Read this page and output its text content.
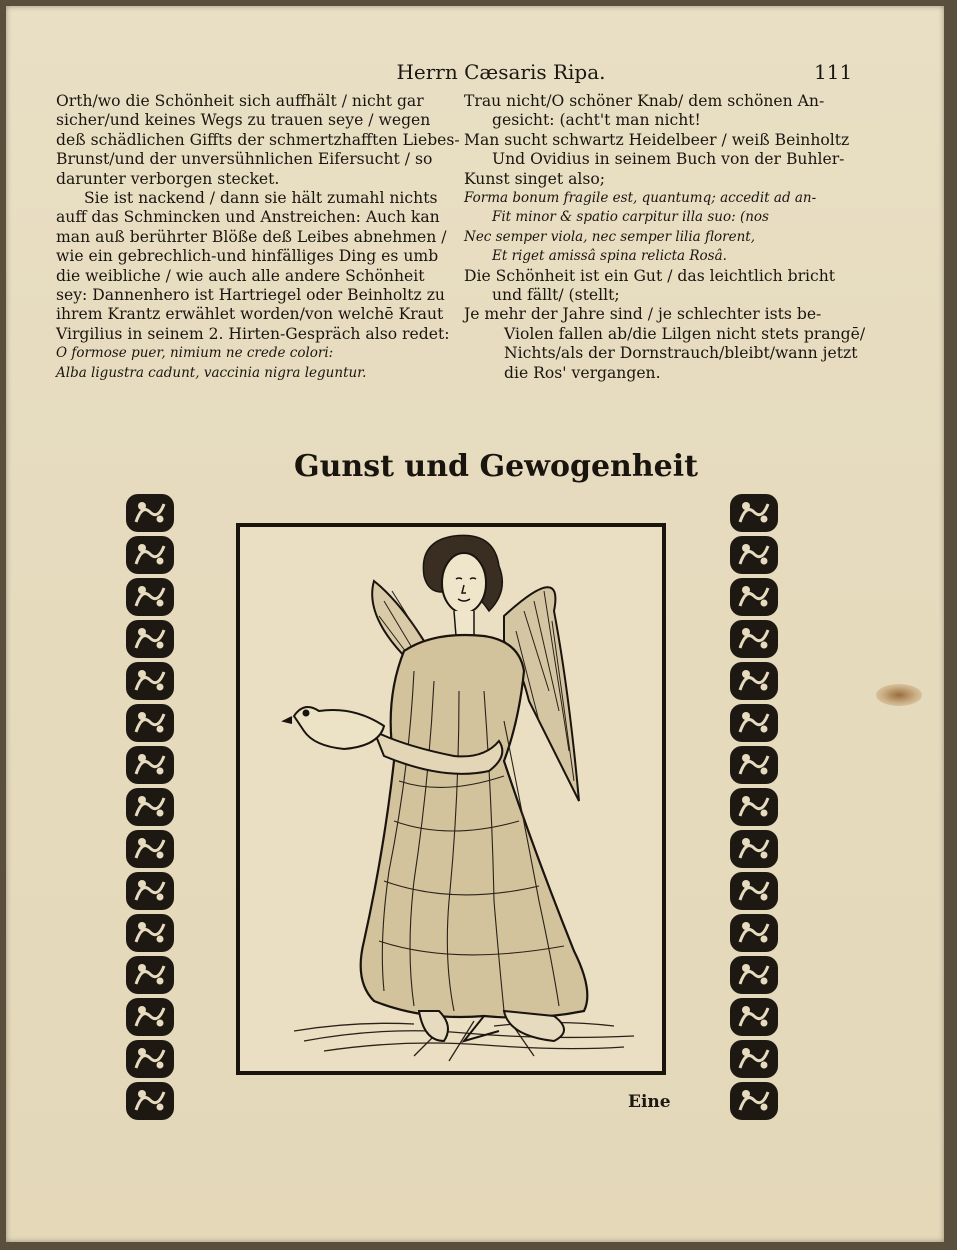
Herrn Cæsaris Ripa.	111

Orth/wo die Schönheit sich auffhält / nicht gar

sicher/und keines Wegs zu trauen seye / wegen

deß schädlichen Giffts der schmertzhafften Liebes-

Brunst/und der unversühnlichen Eifersucht / so

darunter verborgen stecket.

Sie ist nackend / dann sie hält zumahl nichts

auff das Schmincken und Anstreichen: Auch kan

man auß berührter Blöße deß Leibes abnehmen /

wie ein gebrechlich-und hinfälliges Ding es umb

die weibliche / wie auch alle andere Schönheit

sey: Dannenhero ist Hartriegel oder Beinholtz zu

ihrem Krantz erwählet worden/von welchē Kraut

Virgilius in seinem 2. Hirten-Gespräch also redet:

O formose puer, nimium ne crede colori:

Alba ligustra cadunt, vaccinia nigra leguntur.

Trau nicht/O schöner Knab/ dem schönen An-

gesicht: (acht't man nicht!

Man sucht schwartz Heidelbeer / weiß Beinholtz

Und Ovidius in seinem Buch von der Buhler-

Kunst singet also;

Forma bonum fragile est, quantumq; accedit ad an-

Fit minor & spatio carpitur illa suo: (nos

Nec semper viola, nec semper lilia florent,

Et riget amissâ spina relicta Rosâ.

Die Schönheit ist ein Gut / das leichtlich bricht

und fällt/ (stellt;

Je mehr der Jahre sind / je schlechter ists be-

Violen fallen ab/die Lilgen nicht stets prangē/

Nichts/als der Dornstrauch/bleibt/wann jetzt

die Ros' vergangen.

Gunst und Gewogenheit
Eine
